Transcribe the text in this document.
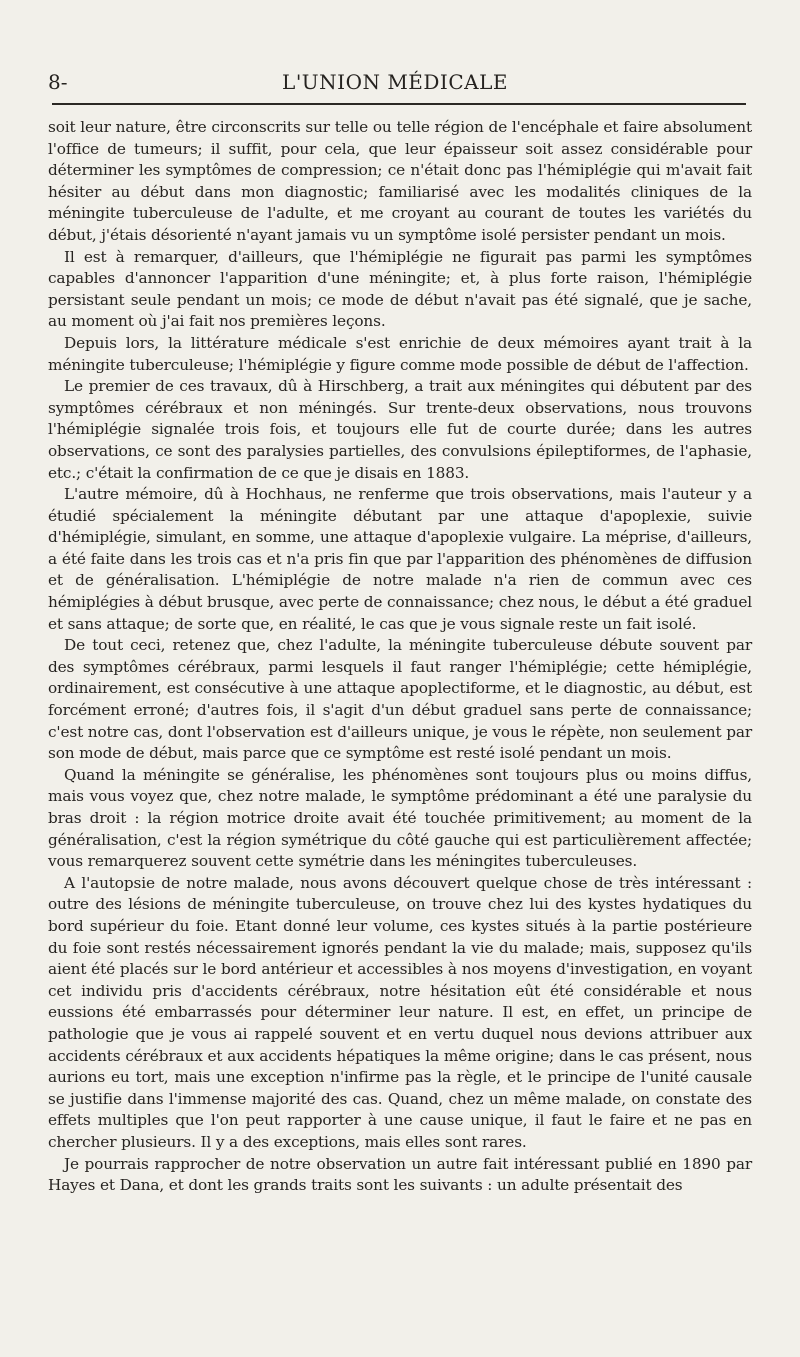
8-	L'UNION MÉDICALE

soit leur nature, être circonscrits sur telle ou telle région de l'encéphale et faire absolument l'office de tumeurs; il suffit, pour cela, que leur épaisseur soit assez considérable pour déterminer les symptômes de compression; ce n'était donc pas l'hémiplégie qui m'avait fait hésiter au début dans mon diagnostic; familiarisé avec les modalités cliniques de la méningite tuberculeuse de l'adulte, et me croyant au courant de toutes les variétés du début, j'étais désorienté n'ayant jamais vu un symptôme isolé persister pendant un mois.

Il est à remarquer, d'ailleurs, que l'hémiplégie ne figurait pas parmi les symptômes capables d'annoncer l'apparition d'une méningite; et, à plus forte raison, l'hémiplégie persistant seule pendant un mois; ce mode de début n'avait pas été signalé, que je sache, au moment où j'ai fait nos premières leçons.

Depuis lors, la littérature médicale s'est enrichie de deux mémoires ayant trait à la méningite tuberculeuse; l'hémiplégie y figure comme mode possible de début de l'affection.

Le premier de ces travaux, dû à Hirschberg, a trait aux méningites qui débutent par des symptômes cérébraux et non méningés. Sur trente-deux observations, nous trouvons l'hémiplégie signalée trois fois, et toujours elle fut de courte durée; dans les autres observations, ce sont des paralysies partielles, des convulsions épileptiformes, de l'aphasie, etc.; c'était la confirmation de ce que je disais en 1883.

L'autre mémoire, dû à Hochhaus, ne renferme que trois observations, mais l'auteur y a étudié spécialement la méningite débutant par une attaque d'apoplexie, suivie d'hémiplégie, simulant, en somme, une attaque d'apoplexie vulgaire. La méprise, d'ailleurs, a été faite dans les trois cas et n'a pris fin que par l'apparition des phénomènes de diffusion et de généralisation. L'hémiplégie de notre malade n'a rien de commun avec ces hémiplégies à début brusque, avec perte de connaissance; chez nous, le début a été graduel et sans attaque; de sorte que, en réalité, le cas que je vous signale reste un fait isolé.

De tout ceci, retenez que, chez l'adulte, la méningite tuberculeuse débute souvent par des symptômes cérébraux, parmi lesquels il faut ranger l'hémiplégie; cette hémiplégie, ordinairement, est consécutive à une attaque apoplectiforme, et le diagnostic, au début, est forcément erroné; d'autres fois, il s'agit d'un début graduel sans perte de connaissance; c'est notre cas, dont l'observation est d'ailleurs unique, je vous le répète, non seulement par son mode de début, mais parce que ce symptôme est resté isolé pendant un mois.

Quand la méningite se généralise, les phénomènes sont toujours plus ou moins diffus, mais vous voyez que, chez notre malade, le symptôme prédominant a été une paralysie du bras droit : la région motrice droite avait été touchée primitivement; au moment de la généralisation, c'est la région symétrique du côté gauche qui est particulièrement affectée; vous remarquerez souvent cette symétrie dans les méningites tuberculeuses.

A l'autopsie de notre malade, nous avons découvert quelque chose de très intéressant : outre des lésions de méningite tuberculeuse, on trouve chez lui des kystes hydatiques du bord supérieur du foie. Etant donné leur volume, ces kystes situés à la partie postérieure du foie sont restés nécessairement ignorés pendant la vie du malade; mais, supposez qu'ils aient été placés sur le bord antérieur et accessibles à nos moyens d'investigation, en voyant cet individu pris d'accidents cérébraux, notre hésitation eût été considérable et nous eussions été embarrassés pour déterminer leur nature. Il est, en effet, un principe de pathologie que je vous ai rappelé souvent et en vertu duquel nous devions attribuer aux accidents cérébraux et aux accidents hépatiques la même origine; dans le cas présent, nous aurions eu tort, mais une exception n'infirme pas la règle, et le principe de l'unité causale se justifie dans l'immense majorité des cas. Quand, chez un même malade, on constate des effets multiples que l'on peut rapporter à une cause unique, il faut le faire et ne pas en chercher plusieurs. Il y a des exceptions, mais elles sont rares.

Je pourrais rapprocher de notre observation un autre fait intéressant publié en 1890 par Hayes et Dana, et dont les grands traits sont les suivants : un adulte présentait des
